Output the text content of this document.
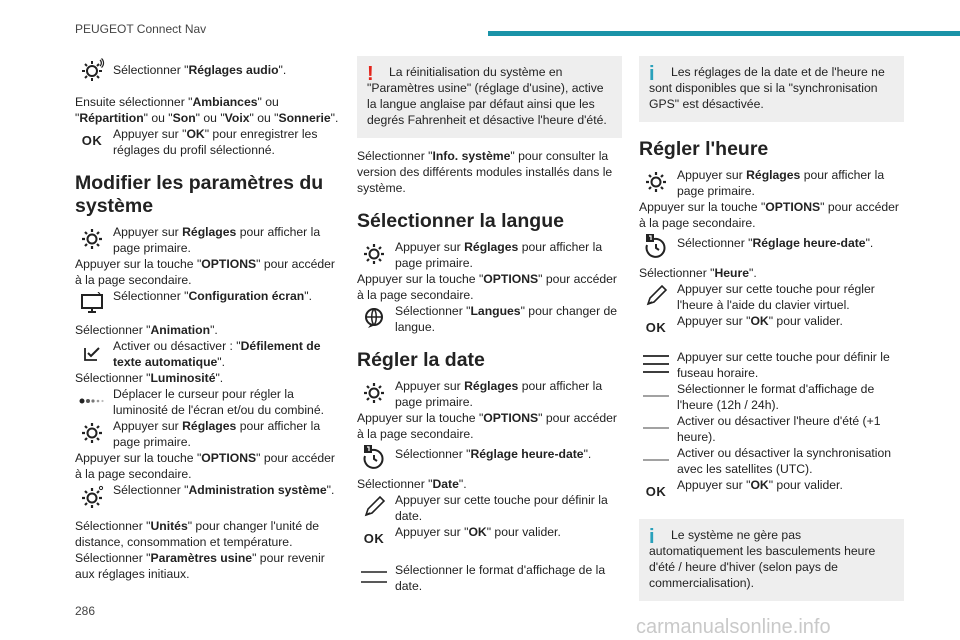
PEUGEOT Connect Nav
Sélectionner "Réglages audio".

Ensuite sélectionner "Ambiances" ou "Répartition" ou "Son" ou "Voix" ou "Sonnerie".

OK Appuyer sur "OK" pour enregistrer les réglages du profil sélectionné.
Modifier les paramètres du système
Appuyer sur Réglages pour afficher la page primaire.

Appuyer sur la touche "OPTIONS" pour accéder à la page secondaire.

Sélectionner "Configuration écran".

Sélectionner "Animation".

Activer ou désactiver : "Défilement de texte automatique".

Sélectionner "Luminosité".

Déplacer le curseur pour régler la luminosité de l'écran et/ou du combiné.
Appuyer sur Réglages pour afficher la page primaire.

Appuyer sur la touche "OPTIONS" pour accéder à la page secondaire.

Sélectionner "Administration système".

Sélectionner "Unités" pour changer l'unité de distance, consommation et température.

Sélectionner "Paramètres usine" pour revenir aux réglages initiaux.

!	La réinitialisation du système en "Paramètres usine" (réglage d'usine), active la langue anglaise par défaut ainsi que les degrés Fahrenheit et désactive l'heure d'été.

Sélectionner "Info. système" pour consulter la version des différents modules installés dans le système.

Sélectionner la langue
Appuyer sur Réglages pour afficher la page primaire.

Appuyer sur la touche "OPTIONS" pour accéder à la page secondaire.

Sélectionner "Langues" pour changer de langue.
Régler la date
Appuyer sur Réglages pour afficher la page primaire.

Appuyer sur la touche "OPTIONS" pour accéder à la page secondaire.

Sélectionner "Réglage heure-date".

Sélectionner "Date".

Appuyer sur cette touche pour définir la date.
OK Appuyer sur "OK" pour valider.
Sélectionner le format d'affichage de la date.
i	Les réglages de la date et de l'heure ne sont disponibles que si la "synchronisation GPS" est désactivée.
Régler l'heure
Appuyer sur Réglages pour afficher la page primaire.

Appuyer sur la touche "OPTIONS" pour accéder à la page secondaire.

Sélectionner "Réglage heure-date".

Sélectionner "Heure".

Appuyer sur cette touche pour régler l'heure à l'aide du clavier virtuel.
OK Appuyer sur "OK" pour valider.
Appuyer sur cette touche pour définir le fuseau horaire.
Sélectionner le format d'affichage de l'heure (12h / 24h).
Activer ou désactiver l'heure d'été (+1 heure).
Activer ou désactiver la synchronisation avec les satellites (UTC).
OK Appuyer sur "OK" pour valider.
i	Le système ne gère pas automatiquement les basculements heure d'été / heure d'hiver (selon pays de commercialisation).
286
carmanualsonline.info
